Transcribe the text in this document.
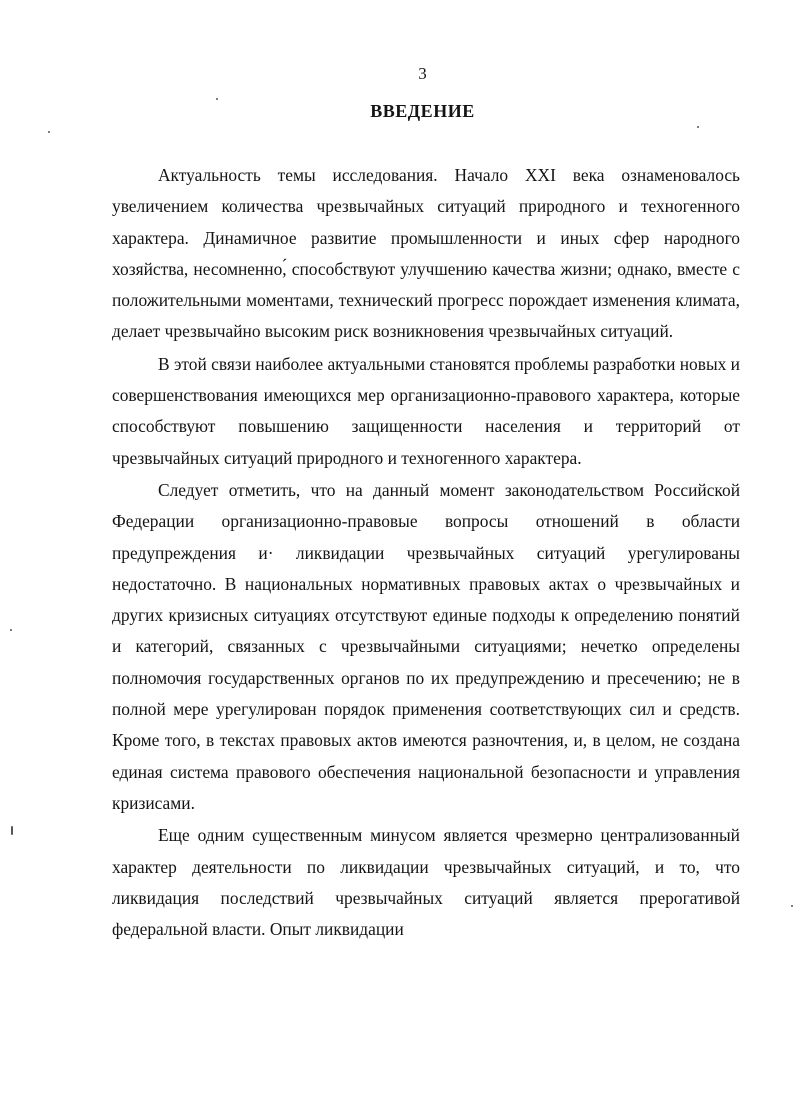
3
ВВЕДЕНИЕ

Актуальность темы исследования. Начало XXI века ознаменовалось увеличением количества чрезвычайных ситуаций природного и техногенного характера. Динамичное развитие промышленности и иных сфер народного хозяйства, несомненно,́ способствуют улучшению качества жизни; однако, вместе с положительными моментами, технический прогресс порождает изменения климата, делает чрезвычайно высоким риск возникновения чрезвычайных ситуаций.

В этой связи наиболее актуальными становятся проблемы разработки новых и совершенствования имеющихся мер организационно-правового характера, которые способствуют повышению защищенности населения и территорий от чрезвычайных ситуаций природного и техногенного характера.

Следует отметить, что на данный момент законодательством Российской Федерации организационно-правовые вопросы отношений в области предупреждения и· ликвидации чрезвычайных ситуаций урегулированы недостаточно. В национальных нормативных правовых актах о чрезвычайных и других кризисных ситуациях отсутствуют единые подходы к определению понятий и категорий, связанных с чрезвычайными ситуациями; нечетко определены полномочия государственных органов по их предупреждению и пресечению; не в полной мере урегулирован порядок применения соответствующих сил и средств. Кроме того, в текстах правовых актов имеются разночтения, и, в целом, не создана единая система правового обеспечения национальной безопасности и управления кризисами.

Еще одним существенным минусом является чрезмерно централизованный характер деятельности по ликвидации чрезвычайных ситуаций, и то, что ликвидация последствий чрезвычайных ситуаций является прерогативой федеральной власти. Опыт ликвидации
